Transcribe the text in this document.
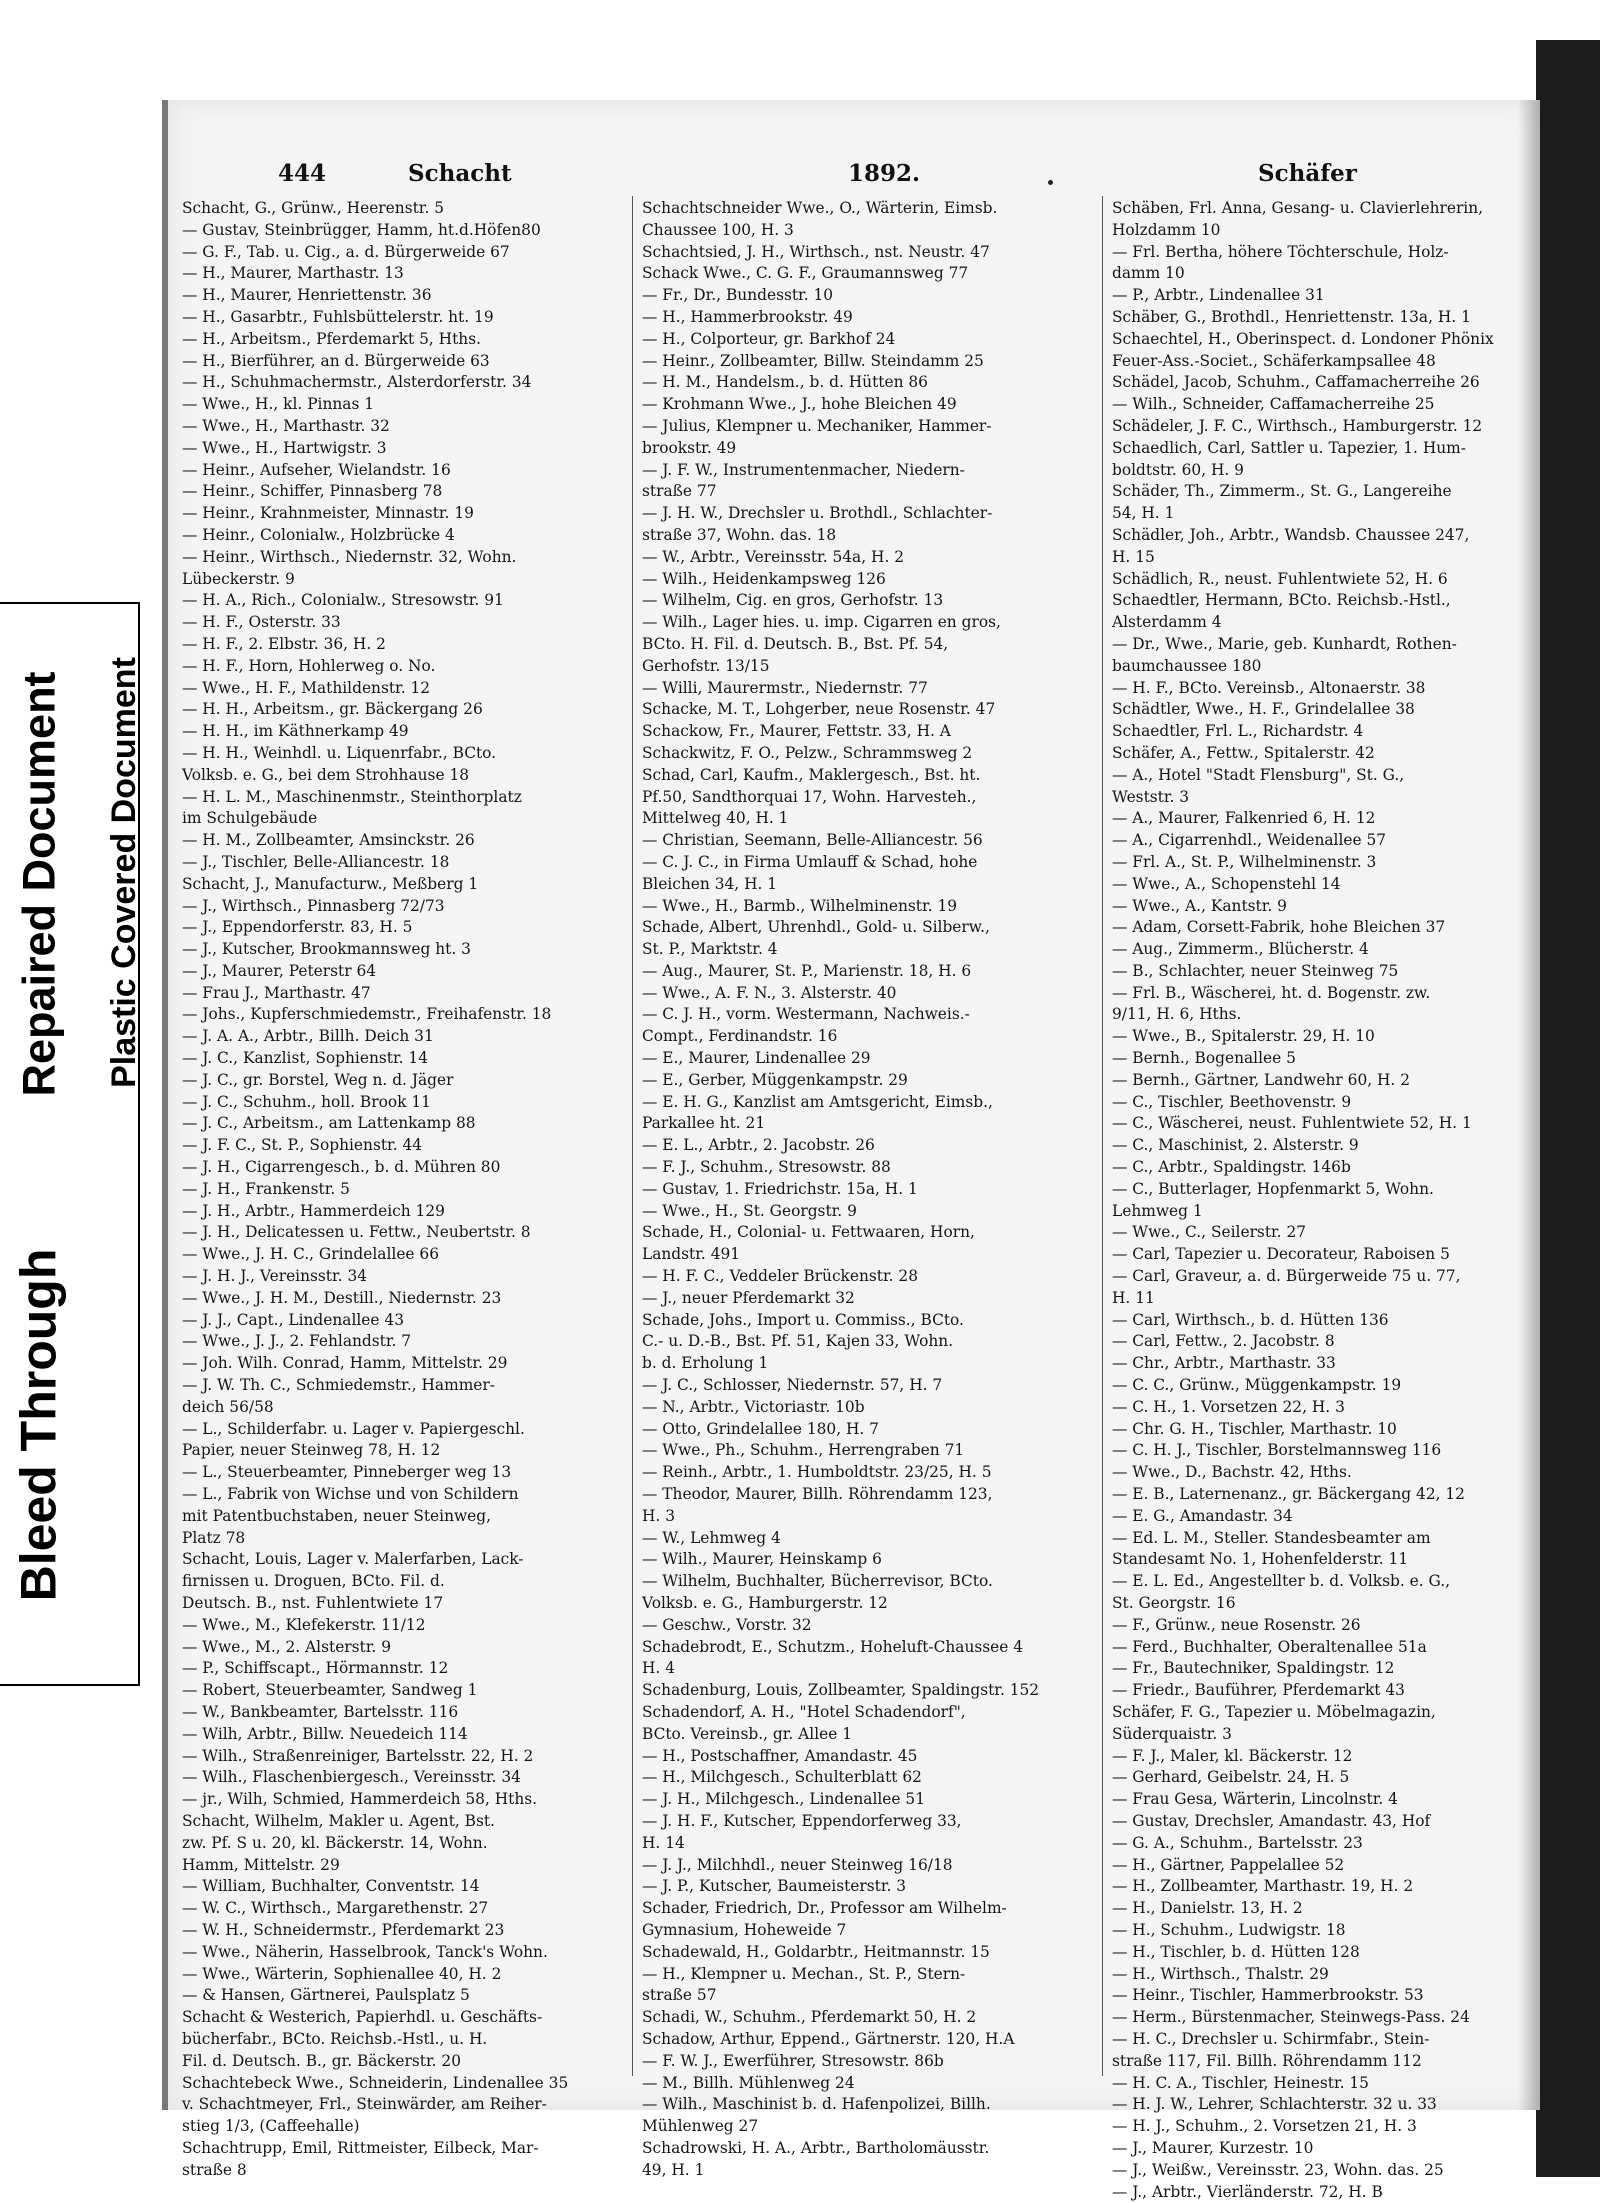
Bleed Through
Repaired Document Plastic Covered Document
444	Schacht	1892.	Schäfer
Schacht, G., Grünw., Heerenstr. 5
— Gustav, Steinbrügger, Hamm, ht.d.Höfen80
— G. F., Tab. u. Cig., a. d. Bürgerweide 67
— H., Maurer, Marthastr. 13
— H., Maurer, Henriettenstr. 36
— H., Gasarbtr., Fuhlsbüttelerstr. ht. 19
— H., Arbeitsm., Pferdemarkt 5, Hths.
— H., Bierführer, an d. Bürgerweide 63
— H., Schuhmachermstr., Alsterdorferstr. 34
— Wwe., H., kl. Pinnas 1
— Wwe., H., Marthastr. 32
— Wwe., H., Hartwigstr. 3
— Heinr., Aufseher, Wielandstr. 16
— Heinr., Schiffer, Pinnasberg 78
— Heinr., Krahnmeister, Minnastr. 19
— Heinr., Colonialw., Holzbrücke 4
— Heinr., Wirthsch., Niedernstr. 32, Wohn.
Lübeckerstr. 9
— H. A., Rich., Colonialw., Stresowstr. 91
— H. F., Osterstr. 33
— H. F., 2. Elbstr. 36, H. 2
— H. F., Horn, Hohlerweg o. No.
— Wwe., H. F., Mathildenstr. 12
— H. H., Arbeitsm., gr. Bäckergang 26
— H. H., im Käthnerkamp 49
— H. H., Weinhdl. u. Liquenrfabr., BCto.
Volksb. e. G., bei dem Strohhause 18
— H. L. M., Maschinenmstr., Steinthorplatz
im Schulgebäude
— H. M., Zollbeamter, Amsinckstr. 26
— J., Tischler, Belle-Alliancestr. 18
Schacht, J., Manufacturw., Meßberg 1
— J., Wirthsch., Pinnasberg 72/73
— J., Eppendorferstr. 83, H. 5
— J., Kutscher, Brookmannsweg ht. 3
— J., Maurer, Peterstr 64
— Frau J., Marthastr. 47
— Johs., Kupferschmiedemstr., Freihafenstr. 18
— J. A. A., Arbtr., Billh. Deich 31
— J. C., Kanzlist, Sophienstr. 14
— J. C., gr. Borstel, Weg n. d. Jäger
— J. C., Schuhm., holl. Brook 11
— J. C., Arbeitsm., am Lattenkamp 88
— J. F. C., St. P., Sophienstr. 44
— J. H., Cigarrengesch., b. d. Mühren 80
— J. H., Frankenstr. 5
— J. H., Arbtr., Hammerdeich 129
— J. H., Delicatessen u. Fettw., Neubertstr. 8
— Wwe., J. H. C., Grindelallee 66
— J. H. J., Vereinsstr. 34
— Wwe., J. H. M., Destill., Niedernstr. 23
— J. J., Capt., Lindenallee 43
— Wwe., J. J., 2. Fehlandstr. 7
— Joh. Wilh. Conrad, Hamm, Mittelstr. 29
— J. W. Th. C., Schmiedemstr., Hammer-
deich 56/58
— L., Schilderfabr. u. Lager v. Papiergeschl.
Papier, neuer Steinweg 78, H. 12
— L., Steuerbeamter, Pinneberger weg 13
— L., Fabrik von Wichse und von Schildern
mit Patentbuchstaben, neuer Steinweg,
Platz 78
Schacht, Louis, Lager v. Malerfarben, Lack-
firnissen u. Droguen, BCto. Fil. d.
Deutsch. B., nst. Fuhlentwiete 17
— Wwe., M., Klefekerstr. 11/12
— Wwe., M., 2. Alsterstr. 9
— P., Schiffscapt., Hörmannstr. 12
— Robert, Steuerbeamter, Sandweg 1
— W., Bankbeamter, Bartelsstr. 116
— Wilh, Arbtr., Billw. Neuedeich 114
— Wilh., Straßenreiniger, Bartelsstr. 22, H. 2
— Wilh., Flaschenbiergesch., Vereinsstr. 34
— jr., Wilh, Schmied, Hammerdeich 58, Hths.
Schacht, Wilhelm, Makler u. Agent, Bst.
zw. Pf. S u. 20, kl. Bäckerstr. 14, Wohn.
Hamm, Mittelstr. 29
— William, Buchhalter, Conventstr. 14
— W. C., Wirthsch., Margarethenstr. 27
— W. H., Schneidermstr., Pferdemarkt 23
— Wwe., Näherin, Hasselbrook, Tanck's Wohn.
— Wwe., Wärterin, Sophienallee 40, H. 2
— & Hansen, Gärtnerei, Paulsplatz 5
Schacht & Westerich, Papierhdl. u. Geschäfts-
bücherfabr., BCto. Reichsb.-Hstl., u. H.
Fil. d. Deutsch. B., gr. Bäckerstr. 20
Schachtebeck Wwe., Schneiderin, Lindenallee 35
v. Schachtmeyer, Frl., Steinwärder, am Reiher-
stieg 1/3, (Caffeehalle)
Schachtrupp, Emil, Rittmeister, Eilbeck, Mar-
straße 8
Schachtschneider Wwe., O., Wärterin, Eimsb.
Chaussee 100, H. 3
Schachtsied, J. H., Wirthsch., nst. Neustr. 47
Schack Wwe., C. G. F., Graumannsweg 77
— Fr., Dr., Bundesstr. 10
— H., Hammerbrookstr. 49
— H., Colporteur, gr. Barkhof 24
— Heinr., Zollbeamter, Billw. Steindamm 25
— H. M., Handelsm., b. d. Hütten 86
— Krohmann Wwe., J., hohe Bleichen 49
— Julius, Klempner u. Mechaniker, Hammer-
brookstr. 49
— J. F. W., Instrumentenmacher, Niedern-
straße 77
— J. H. W., Drechsler u. Brothdl., Schlachter-
straße 37, Wohn. das. 18
— W., Arbtr., Vereinsstr. 54a, H. 2
— Wilh., Heidenkampsweg 126
— Wilhelm, Cig. en gros, Gerhofstr. 13
— Wilh., Lager hies. u. imp. Cigarren en gros,
BCto. H. Fil. d. Deutsch. B., Bst. Pf. 54,
Gerhofstr. 13/15
— Willi, Maurermstr., Niedernstr. 77
Schacke, M. T., Lohgerber, neue Rosenstr. 47
Schackow, Fr., Maurer, Fettstr. 33, H. A
Schackwitz, F. O., Pelzw., Schrammsweg 2
Schad, Carl, Kaufm., Maklergesch., Bst. ht.
Pf.50, Sandthorquai 17, Wohn. Harvesteh.,
Mittelweg 40, H. 1
— Christian, Seemann, Belle-Alliancestr. 56
— C. J. C., in Firma Umlauff & Schad, hohe
Bleichen 34, H. 1
— Wwe., H., Barmb., Wilhelminenstr. 19
Schade, Albert, Uhrenhdl., Gold- u. Silberw.,
St. P., Marktstr. 4
— Aug., Maurer, St. P., Marienstr. 18, H. 6
— Wwe., A. F. N., 3. Alsterstr. 40
— C. J. H., vorm. Westermann, Nachweis.-
Compt., Ferdinandstr. 16
— E., Maurer, Lindenallee 29
— E., Gerber, Müggenkampstr. 29
— E. H. G., Kanzlist am Amtsgericht, Eimsb.,
Parkallee ht. 21
— E. L., Arbtr., 2. Jacobstr. 26
— F. J., Schuhm., Stresowstr. 88
— Gustav, 1. Friedrichstr. 15a, H. 1
— Wwe., H., St. Georgstr. 9
Schade, H., Colonial- u. Fettwaaren, Horn,
Landstr. 491
— H. F. C., Veddeler Brückenstr. 28
— J., neuer Pferdemarkt 32
Schade, Johs., Import u. Commiss., BCto.
C.- u. D.-B., Bst. Pf. 51, Kajen 33, Wohn.
b. d. Erholung 1
— J. C., Schlosser, Niedernstr. 57, H. 7
— N., Arbtr., Victoriastr. 10b
— Otto, Grindelallee 180, H. 7
— Wwe., Ph., Schuhm., Herrengraben 71
— Reinh., Arbtr., 1. Humboldtstr. 23/25, H. 5
— Theodor, Maurer, Billh. Röhrendamm 123,
H. 3
— W., Lehmweg 4
— Wilh., Maurer, Heinskamp 6
— Wilhelm, Buchhalter, Bücherrevisor, BCto.
Volksb. e. G., Hamburgerstr. 12
— Geschw., Vorstr. 32
Schadebrodt, E., Schutzm., Hoheluft-Chaussee 4
H. 4
Schadenburg, Louis, Zollbeamter, Spaldingstr. 152
Schadendorf, A. H., "Hotel Schadendorf",
BCto. Vereinsb., gr. Allee 1
— H., Postschaffner, Amandastr. 45
— H., Milchgesch., Schulterblatt 62
— J. H., Milchgesch., Lindenallee 51
— J. H. F., Kutscher, Eppendorferweg 33,
H. 14
— J. J., Milchhdl., neuer Steinweg 16/18
— J. P., Kutscher, Baumeisterstr. 3
Schader, Friedrich, Dr., Professor am Wilhelm-
Gymnasium, Hoheweide 7
Schadewald, H., Goldarbtr., Heitmannstr. 15
— H., Klempner u. Mechan., St. P., Stern-
straße 57
Schadi, W., Schuhm., Pferdemarkt 50, H. 2
Schadow, Arthur, Eppend., Gärtnerstr. 120, H.A
— F. W. J., Ewerführer, Stresowstr. 86b
— M., Billh. Mühlenweg 24
— Wilh., Maschinist b. d. Hafenpolizei, Billh.
Mühlenweg 27
Schadrowski, H. A., Arbtr., Bartholomäusstr.
49, H. 1
Schäben, Frl. Anna, Gesang- u. Clavierlehrerin,
Holzdamm 10
— Frl. Bertha, höhere Töchterschule, Holz-
damm 10
— P., Arbtr., Lindenallee 31
Schäber, G., Brothdl., Henriettenstr. 13a, H. 1
Schaechtel, H., Oberinspect. d. Londoner Phönix
Feuer-Ass.-Societ., Schäferkampsallee 48
Schädel, Jacob, Schuhm., Caffamacherreihe 26
— Wilh., Schneider, Caffamacherreihe 25
Schädeler, J. F. C., Wirthsch., Hamburgerstr. 12
Schaedlich, Carl, Sattler u. Tapezier, 1. Hum-
boldtstr. 60, H. 9
Schäder, Th., Zimmerm., St. G., Langereihe
54, H. 1
Schädler, Joh., Arbtr., Wandsb. Chaussee 247,
H. 15
Schädlich, R., neust. Fuhlentwiete 52, H. 6
Schaedtler, Hermann, BCto. Reichsb.-Hstl.,
Alsterdamm 4
— Dr., Wwe., Marie, geb. Kunhardt, Rothen-
baumchaussee 180
— H. F., BCto. Vereinsb., Altonaerstr. 38
Schädtler, Wwe., H. F., Grindelallee 38
Schaedtler, Frl. L., Richardstr. 4
Schäfer, A., Fettw., Spitalerstr. 42
— A., Hotel "Stadt Flensburg", St. G.,
Weststr. 3
— A., Maurer, Falkenried 6, H. 12
— A., Cigarrenhdl., Weidenallee 57
— Frl. A., St. P., Wilhelminenstr. 3
— Wwe., A., Schopenstehl 14
— Wwe., A., Kantstr. 9
— Adam, Corsett-Fabrik, hohe Bleichen 37
— Aug., Zimmerm., Blücherstr. 4
— B., Schlachter, neuer Steinweg 75
— Frl. B., Wäscherei, ht. d. Bogenstr. zw.
9/11, H. 6, Hths.
— Wwe., B., Spitalerstr. 29, H. 10
— Bernh., Bogenallee 5
— Bernh., Gärtner, Landwehr 60, H. 2
— C., Tischler, Beethovenstr. 9
— C., Wäscherei, neust. Fuhlentwiete 52, H. 1
— C., Maschinist, 2. Alsterstr. 9
— C., Arbtr., Spaldingstr. 146b
— C., Butterlager, Hopfenmarkt 5, Wohn.
Lehmweg 1
— Wwe., C., Seilerstr. 27
— Carl, Tapezier u. Decorateur, Raboisen 5
— Carl, Graveur, a. d. Bürgerweide 75 u. 77,
H. 11
— Carl, Wirthsch., b. d. Hütten 136
— Carl, Fettw., 2. Jacobstr. 8
— Chr., Arbtr., Marthastr. 33
— C. C., Grünw., Müggenkampstr. 19
— C. H., 1. Vorsetzen 22, H. 3
— Chr. G. H., Tischler, Marthastr. 10
— C. H. J., Tischler, Borstelmannsweg 116
— Wwe., D., Bachstr. 42, Hths.
— E. B., Laternenanz., gr. Bäckergang 42, 12
— E. G., Amandastr. 34
— Ed. L. M., Steller. Standesbeamter am
Standesamt No. 1, Hohenfelderstr. 11
— E. L. Ed., Angestellter b. d. Volksb. e. G.,
St. Georgstr. 16
— F., Grünw., neue Rosenstr. 26
— Ferd., Buchhalter, Oberaltenallee 51a
— Fr., Bautechniker, Spaldingstr. 12
— Friedr., Bauführer, Pferdemarkt 43
Schäfer, F. G., Tapezier u. Möbelmagazin,
Süderquaistr. 3
— F. J., Maler, kl. Bäckerstr. 12
— Gerhard, Geibelstr. 24, H. 5
— Frau Gesa, Wärterin, Lincolnstr. 4
— Gustav, Drechsler, Amandastr. 43, Hof
— G. A., Schuhm., Bartelsstr. 23
— H., Gärtner, Pappelallee 52
— H., Zollbeamter, Marthastr. 19, H. 2
— H., Danielstr. 13, H. 2
— H., Schuhm., Ludwigstr. 18
— H., Tischler, b. d. Hütten 128
— H., Wirthsch., Thalstr. 29
— Heinr., Tischler, Hammerbrookstr. 53
— Herm., Bürstenmacher, Steinwegs-Pass. 24
— H. C., Drechsler u. Schirmfabr., Stein-
straße 117, Fil. Billh. Röhrendamm 112
— H. C. A., Tischler, Heinestr. 15
— H. J. W., Lehrer, Schlachterstr. 32 u. 33
— H. J., Schuhm., 2. Vorsetzen 21, H. 3
— J., Maurer, Kurzestr. 10
— J., Weißw., Vereinsstr. 23, Wohn. das. 25
— J., Arbtr., Vierländerstr. 72, H. B
